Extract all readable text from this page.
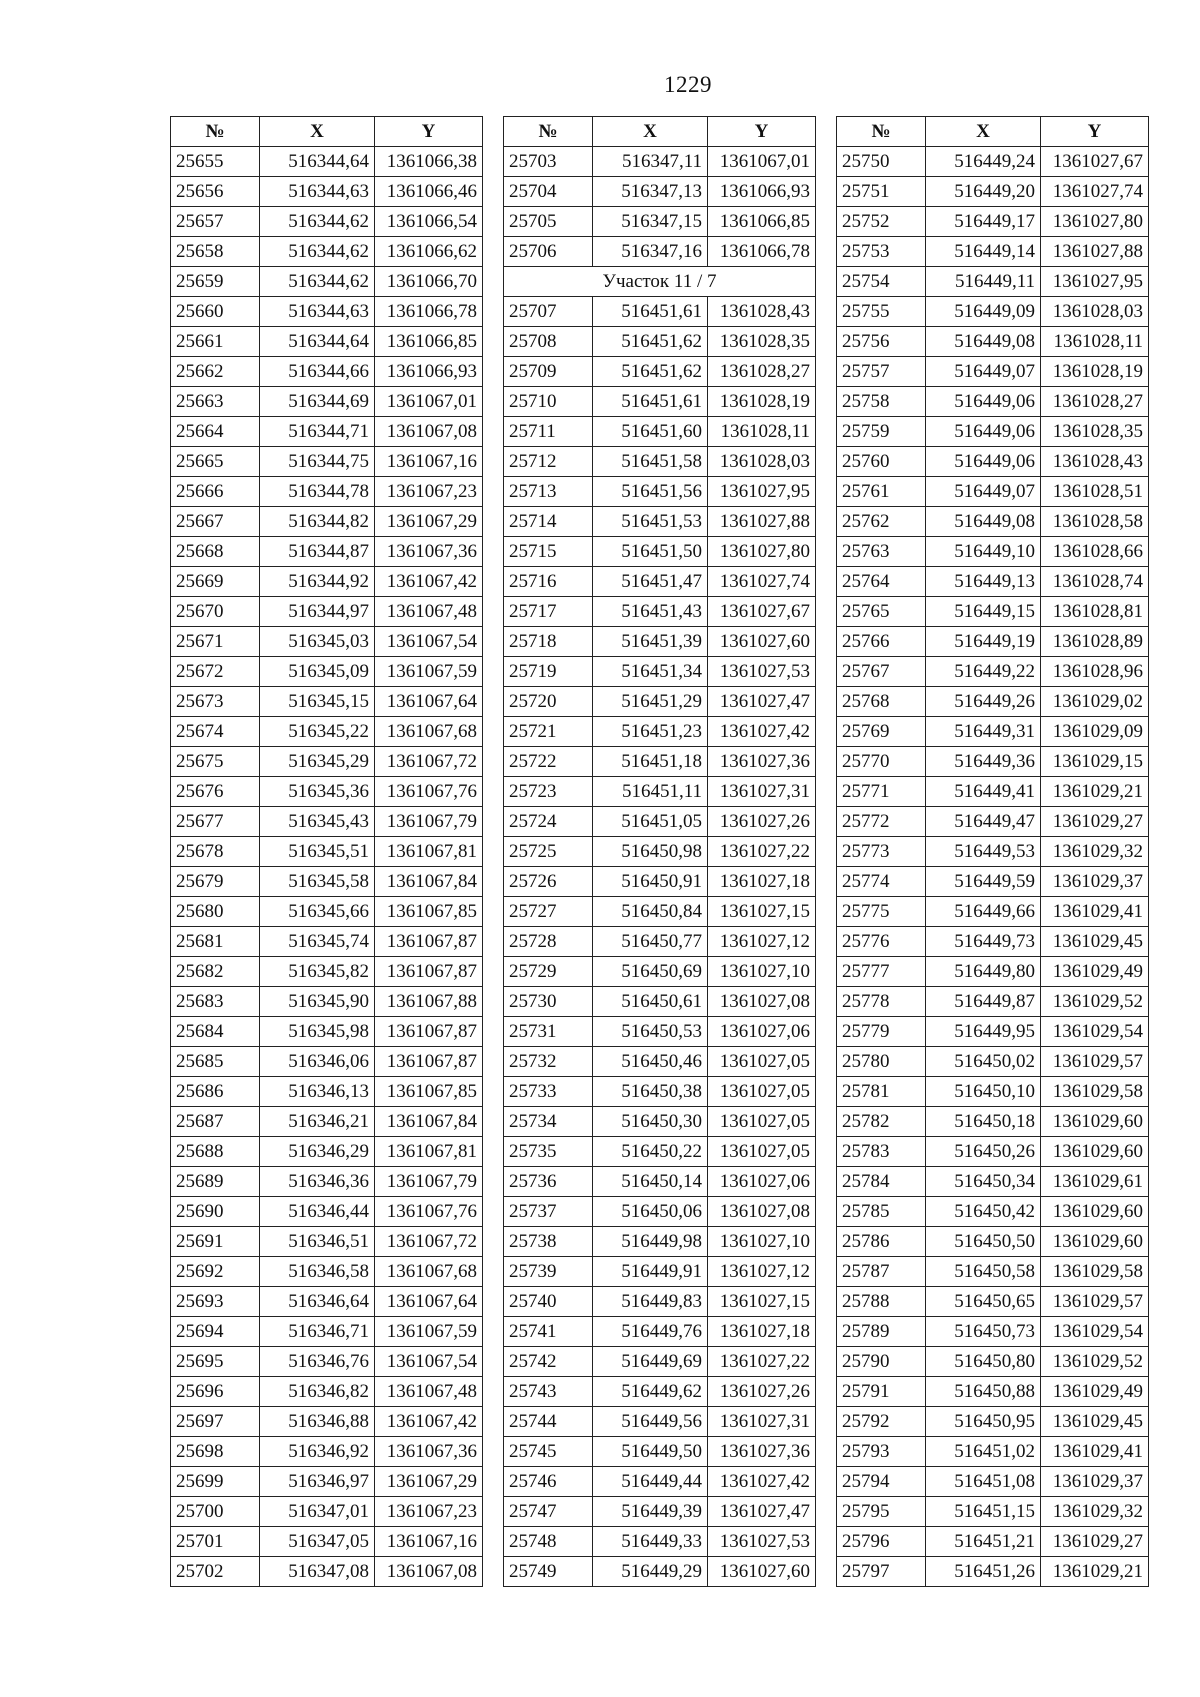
1229
№	X	Y
25655	516344,64	1361066,38
25656	516344,63	1361066,46
25657	516344,62	1361066,54
25658	516344,62	1361066,62
25659	516344,62	1361066,70
25660	516344,63	1361066,78
25661	516344,64	1361066,85
25662	516344,66	1361066,93
25663	516344,69	1361067,01
25664	516344,71	1361067,08
25665	516344,75	1361067,16
25666	516344,78	1361067,23
25667	516344,82	1361067,29
25668	516344,87	1361067,36
25669	516344,92	1361067,42
25670	516344,97	1361067,48
25671	516345,03	1361067,54
25672	516345,09	1361067,59
25673	516345,15	1361067,64
25674	516345,22	1361067,68
25675	516345,29	1361067,72
25676	516345,36	1361067,76
25677	516345,43	1361067,79
25678	516345,51	1361067,81
25679	516345,58	1361067,84
25680	516345,66	1361067,85
25681	516345,74	1361067,87
25682	516345,82	1361067,87
25683	516345,90	1361067,88
25684	516345,98	1361067,87
25685	516346,06	1361067,87
25686	516346,13	1361067,85
25687	516346,21	1361067,84
25688	516346,29	1361067,81
25689	516346,36	1361067,79
25690	516346,44	1361067,76
25691	516346,51	1361067,72
25692	516346,58	1361067,68
25693	516346,64	1361067,64
25694	516346,71	1361067,59
25695	516346,76	1361067,54
25696	516346,82	1361067,48
25697	516346,88	1361067,42
25698	516346,92	1361067,36
25699	516346,97	1361067,29
25700	516347,01	1361067,23
25701	516347,05	1361067,16
25702	516347,08	1361067,08
№	X	Y
25703	516347,11	1361067,01
25704	516347,13	1361066,93
25705	516347,15	1361066,85
25706	516347,16	1361066,78
Участок 11 / 7		
25707	516451,61	1361028,43
25708	516451,62	1361028,35
25709	516451,62	1361028,27
25710	516451,61	1361028,19
25711	516451,60	1361028,11
25712	516451,58	1361028,03
25713	516451,56	1361027,95
25714	516451,53	1361027,88
25715	516451,50	1361027,80
25716	516451,47	1361027,74
25717	516451,43	1361027,67
25718	516451,39	1361027,60
25719	516451,34	1361027,53
25720	516451,29	1361027,47
25721	516451,23	1361027,42
25722	516451,18	1361027,36
25723	516451,11	1361027,31
25724	516451,05	1361027,26
25725	516450,98	1361027,22
25726	516450,91	1361027,18
25727	516450,84	1361027,15
25728	516450,77	1361027,12
25729	516450,69	1361027,10
25730	516450,61	1361027,08
25731	516450,53	1361027,06
25732	516450,46	1361027,05
25733	516450,38	1361027,05
25734	516450,30	1361027,05
25735	516450,22	1361027,05
25736	516450,14	1361027,06
25737	516450,06	1361027,08
25738	516449,98	1361027,10
25739	516449,91	1361027,12
25740	516449,83	1361027,15
25741	516449,76	1361027,18
25742	516449,69	1361027,22
25743	516449,62	1361027,26
25744	516449,56	1361027,31
25745	516449,50	1361027,36
25746	516449,44	1361027,42
25747	516449,39	1361027,47
25748	516449,33	1361027,53
25749	516449,29	1361027,60
№	X	Y
25750	516449,24	1361027,67
25751	516449,20	1361027,74
25752	516449,17	1361027,80
25753	516449,14	1361027,88
25754	516449,11	1361027,95
25755	516449,09	1361028,03
25756	516449,08	1361028,11
25757	516449,07	1361028,19
25758	516449,06	1361028,27
25759	516449,06	1361028,35
25760	516449,06	1361028,43
25761	516449,07	1361028,51
25762	516449,08	1361028,58
25763	516449,10	1361028,66
25764	516449,13	1361028,74
25765	516449,15	1361028,81
25766	516449,19	1361028,89
25767	516449,22	1361028,96
25768	516449,26	1361029,02
25769	516449,31	1361029,09
25770	516449,36	1361029,15
25771	516449,41	1361029,21
25772	516449,47	1361029,27
25773	516449,53	1361029,32
25774	516449,59	1361029,37
25775	516449,66	1361029,41
25776	516449,73	1361029,45
25777	516449,80	1361029,49
25778	516449,87	1361029,52
25779	516449,95	1361029,54
25780	516450,02	1361029,57
25781	516450,10	1361029,58
25782	516450,18	1361029,60
25783	516450,26	1361029,60
25784	516450,34	1361029,61
25785	516450,42	1361029,60
25786	516450,50	1361029,60
25787	516450,58	1361029,58
25788	516450,65	1361029,57
25789	516450,73	1361029,54
25790	516450,80	1361029,52
25791	516450,88	1361029,49
25792	516450,95	1361029,45
25793	516451,02	1361029,41
25794	516451,08	1361029,37
25795	516451,15	1361029,32
25796	516451,21	1361029,27
25797	516451,26	1361029,21
